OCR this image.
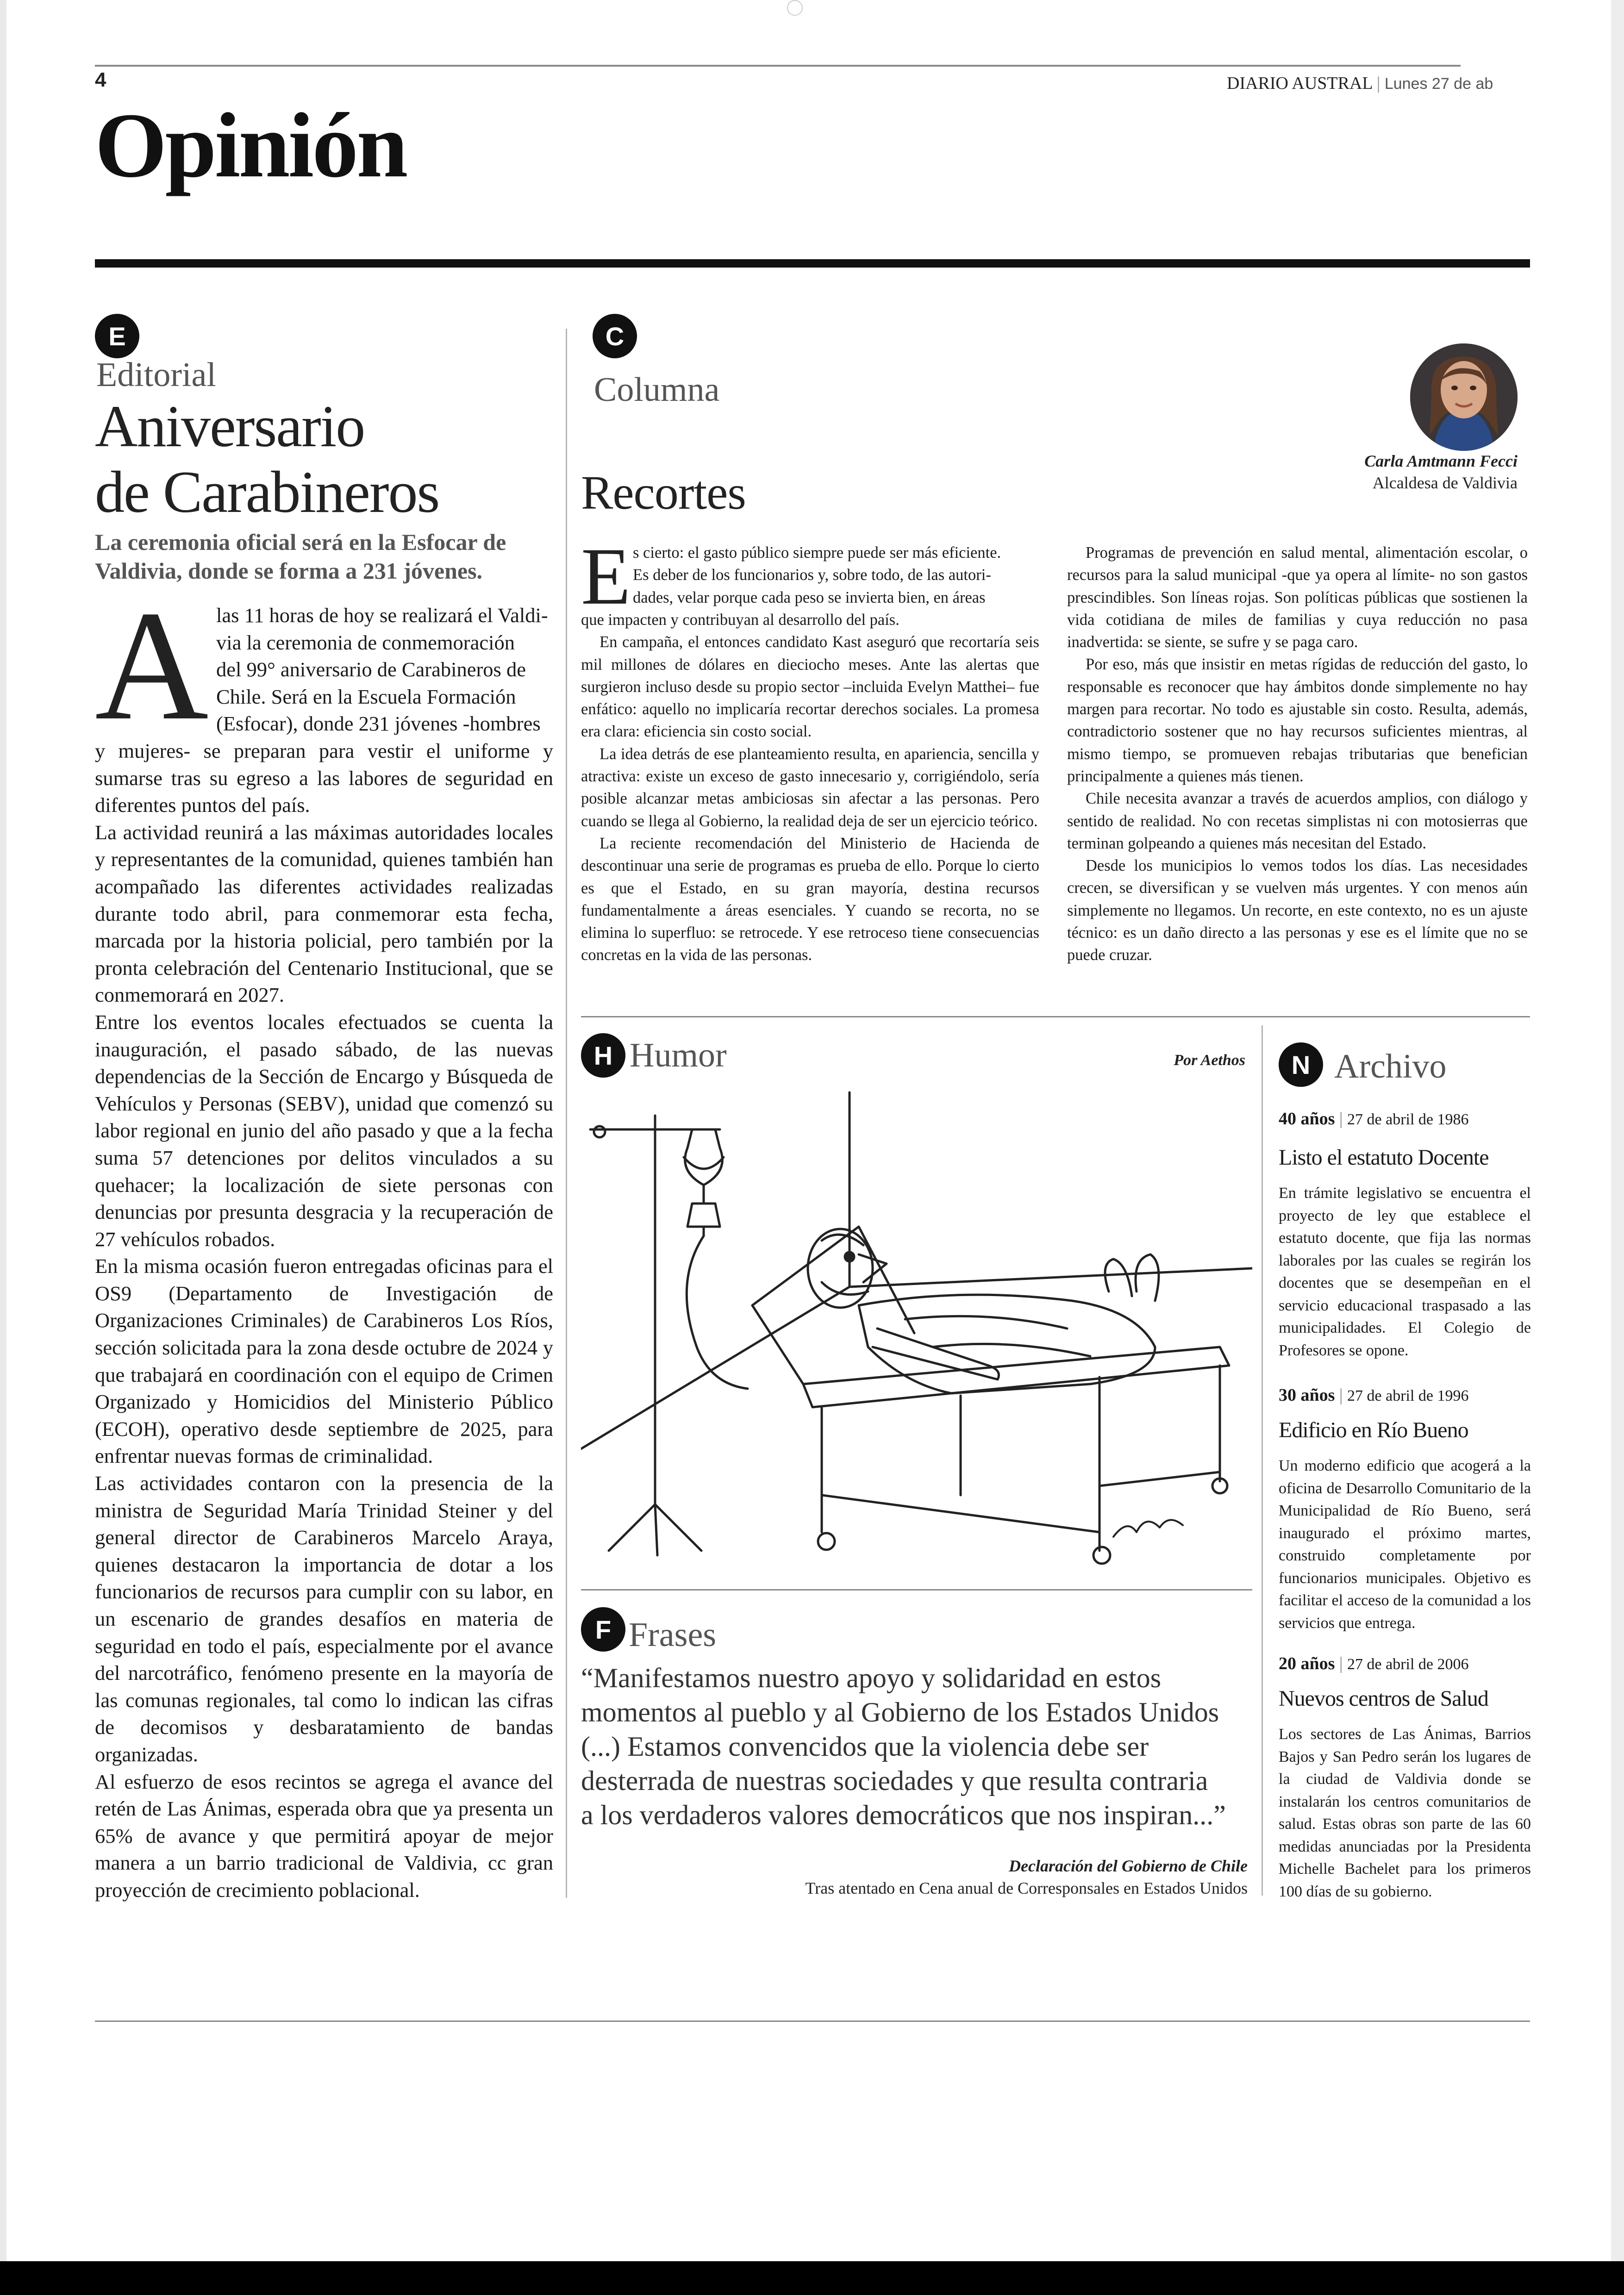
4	DIARIO AUSTRAL | Lunes 27 de ab
Opinión
E
Editorial
Aniversario
de Carabineros
La ceremonia oficial será en la Esfocar de Valdivia, donde se forma a 231 jóvenes.
A las 11 horas de hoy se realizará el Valdi-
via la ceremonia de conmemoración
del 99° aniversario de Carabineros de
Chile. Será en la Escuela Formación
(Esfocar), donde 231 jóvenes -hombres

y mujeres- se preparan para vestir el uniforme y sumarse tras su egreso a las labores de seguridad en diferentes puntos del país.

La actividad reunirá a las máximas autoridades locales y representantes de la comunidad, quienes también han acompañado las diferentes actividades realizadas durante todo abril, para conmemorar esta fecha, marcada por la historia policial, pero también por la pronta celebración del Centenario Institucional, que se conmemorará en 2027.

Entre los eventos locales efectuados se cuenta la inauguración, el pasado sábado, de las nuevas dependencias de la Sección de Encargo y Búsqueda de Vehículos y Personas (SEBV), unidad que comenzó su labor regional en junio del año pasado y que a la fecha suma 57 detenciones por delitos vinculados a su quehacer; la localización de siete personas con denuncias por presunta desgracia y la recuperación de 27 vehículos robados.

En la misma ocasión fueron entregadas oficinas para el OS9 (Departamento de Investigación de Organizaciones Criminales) de Carabineros Los Ríos, sección solicitada para la zona desde octubre de 2024 y que trabajará en coordinación con el equipo de Crimen Organizado y Homicidios del Ministerio Público (ECOH), operativo desde septiembre de 2025, para enfrentar nuevas formas de criminalidad.

Las actividades contaron con la presencia de la ministra de Seguridad María Trinidad Steiner y del general director de Carabineros Marcelo Araya, quienes destacaron la importancia de dotar a los funcionarios de recursos para cumplir con su labor, en un escenario de grandes desafíos en materia de seguridad en todo el país, especialmente por el avance del narcotráfico, fenómeno presente en la mayoría de las comunas regionales, tal como lo indican las cifras de decomisos y desbaratamiento de bandas organizadas.

Al esfuerzo de esos recintos se agrega el avance del retén de Las Ánimas, esperada obra que ya presenta un 65% de avance y que permitirá apoyar de mejor manera a un barrio tradicional de Valdivia, cc gran proyección de crecimiento poblacional.

C
Columna
Recortes
Carla Amtmann Fecci
Alcaldesa de Valdivia
E s cierto: el gasto público siempre puede ser más eficiente.
Es deber de los funcionarios y, sobre todo, de las autori-
dades, velar porque cada peso se invierta bien, en áreas

que impacten y contribuyan al desarrollo del país.

En campaña, el entonces candidato Kast aseguró que recortaría seis mil millones de dólares en dieciocho meses. Ante las alertas que surgieron incluso desde su propio sector –incluida Evelyn Matthei– fue enfático: aquello no implicaría recortar derechos sociales. La promesa era clara: eficiencia sin costo social.

La idea detrás de ese planteamiento resulta, en apariencia, sencilla y atractiva: existe un exceso de gasto innecesario y, corrigiéndolo, sería posible alcanzar metas ambiciosas sin afectar a las personas. Pero cuando se llega al Gobierno, la realidad deja de ser un ejercicio teórico.

La reciente recomendación del Ministerio de Hacienda de descontinuar una serie de programas es prueba de ello. Porque lo cierto es que el Estado, en su gran mayoría, destina recursos fundamentalmente a áreas esenciales. Y cuando se recorta, no se elimina lo superfluo: se retrocede. Y ese retroceso tiene consecuencias concretas en la vida de las personas.

Programas de prevención en salud mental, alimentación escolar, o recursos para la salud municipal -que ya opera al límite- no son gastos prescindibles. Son líneas rojas. Son políticas públicas que sostienen la vida cotidiana de miles de familias y cuya reducción no pasa inadvertida: se siente, se sufre y se paga caro.

Por eso, más que insistir en metas rígidas de reducción del gasto, lo responsable es reconocer que hay ámbitos donde simplemente no hay margen para recortar. No todo es ajustable sin costo. Resulta, además, contradictorio sostener que no hay recursos suficientes mientras, al mismo tiempo, se promueven rebajas tributarias que benefician principalmente a quienes más tienen.

Chile necesita avanzar a través de acuerdos amplios, con diálogo y sentido de realidad. No con recetas simplistas ni con motosierras que terminan golpeando a quienes más necesitan del Estado.

Desde los municipios lo vemos todos los días. Las necesidades crecen, se diversifican y se vuelven más urgentes. Y con menos aún simplemente no llegamos. Un recorte, en este contexto, no es un ajuste técnico: es un daño directo a las personas y ese es el límite que no se puede cruzar.

H Humor	Por Aethos
F Frases
“Manifestamos nuestro apoyo y solidaridad en estos
momentos al pueblo y al Gobierno de los Estados Unidos
(...) Estamos convencidos que la violencia debe ser
desterrada de nuestras sociedades y que resulta contraria
a los verdaderos valores democráticos que nos inspiran...”
Declaración del Gobierno de Chile
Tras atentado en Cena anual de Corresponsales en Estados Unidos
N Archivo
40 años | 27 de abril de 1986
Listo el estatuto Docente
En trámite legislativo se encuentra el proyecto de ley que establece el estatuto docente, que fija las normas laborales por las cuales se regirán los docentes que se desempeñan en el servicio educacional traspasado a las municipalidades. El Colegio de Profesores se opone.
30 años | 27 de abril de 1996
Edificio en Río Bueno
Un moderno edificio que acogerá a la oficina de Desarrollo Comunitario de la Municipalidad de Río Bueno, será inaugurado el próximo martes, construido completamente por funcionarios municipales. Objetivo es facilitar el acceso de la comunidad a los servicios que entrega.
20 años | 27 de abril de 2006
Nuevos centros de Salud
Los sectores de Las Ánimas, Barrios Bajos y San Pedro serán los lugares de la ciudad de Valdivia donde se instalarán los centros comunitarios de salud. Estas obras son parte de las 60 medidas anunciadas por la Presidenta Michelle Bachelet para los primeros 100 días de su gobierno.
